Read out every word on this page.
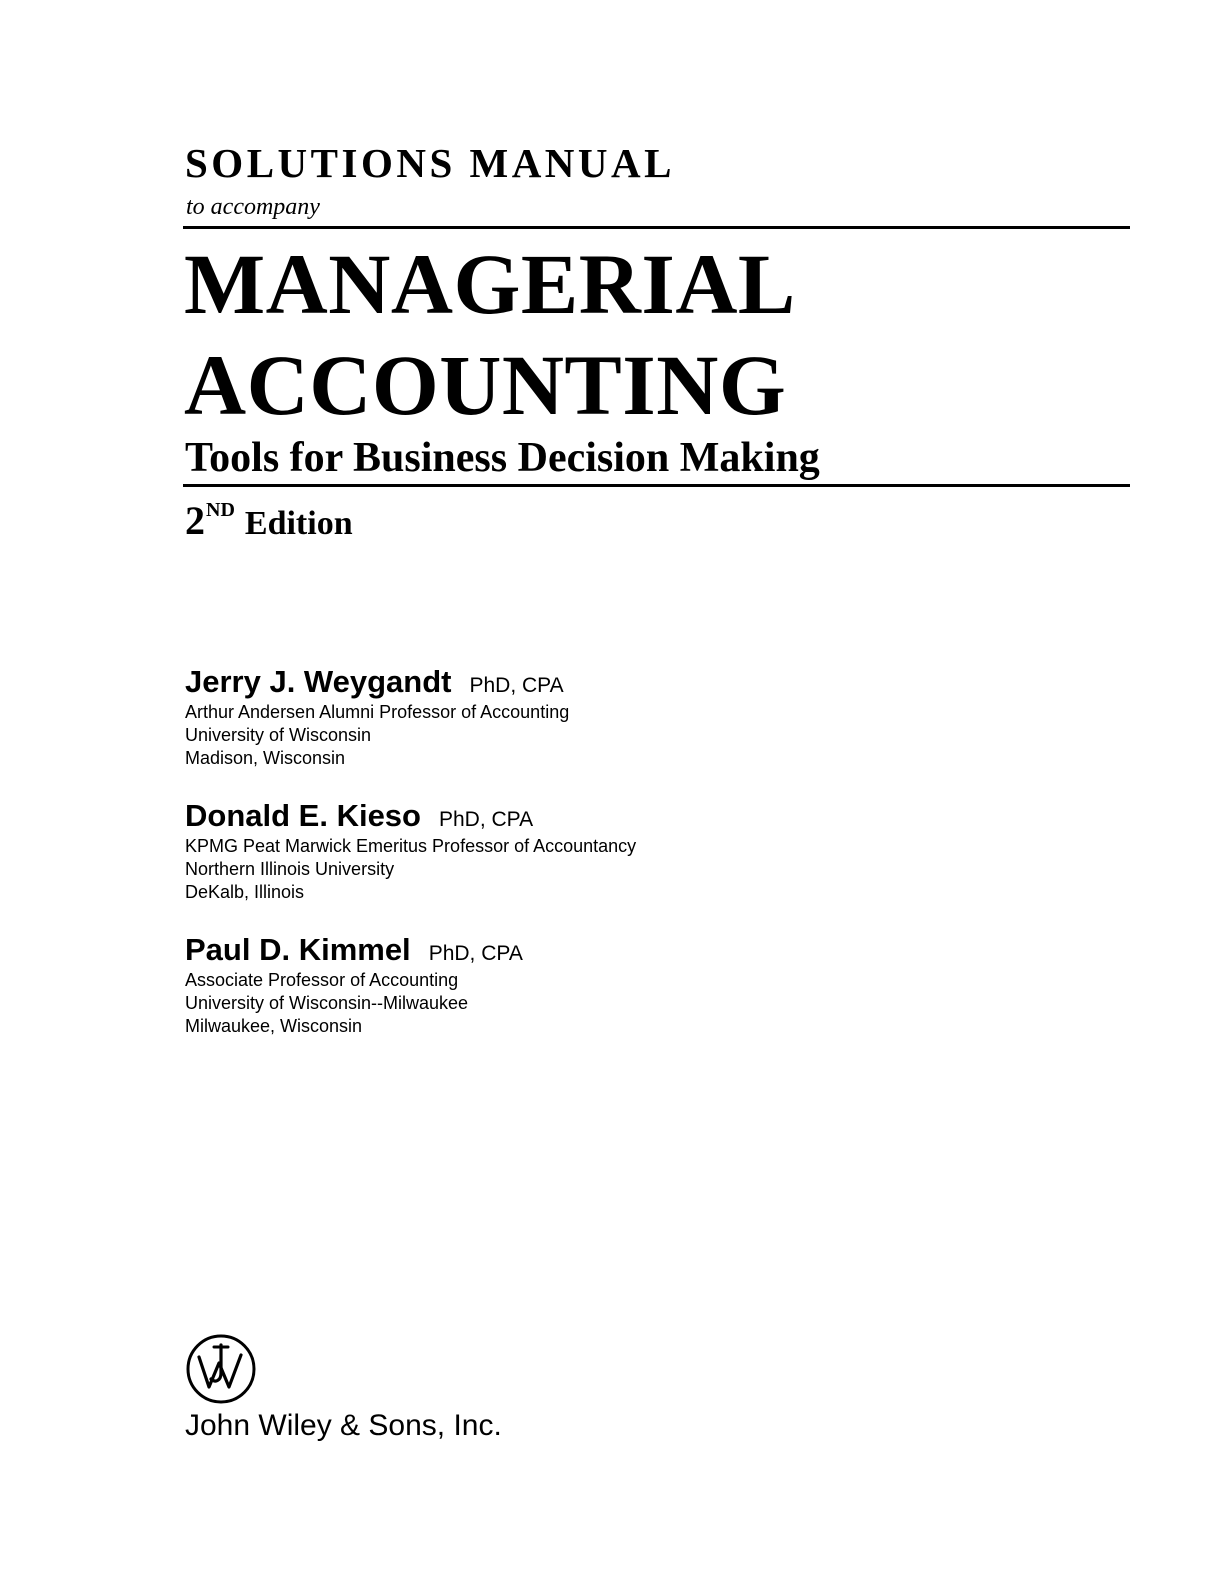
SOLUTIONS MANUAL
to accompany
MANAGERIAL
ACCOUNTING
Tools for Business Decision Making
2ND Edition
Jerry J. Weygandt PhD, CPA
Arthur Andersen Alumni Professor of Accounting
University of Wisconsin
Madison, Wisconsin
Donald E. Kieso PhD, CPA
KPMG Peat Marwick Emeritus Professor of Accountancy
Northern Illinois University
DeKalb, Illinois
Paul D. Kimmel PhD, CPA
Associate Professor of Accounting
University of Wisconsin--Milwaukee
Milwaukee, Wisconsin
John Wiley & Sons, Inc.
